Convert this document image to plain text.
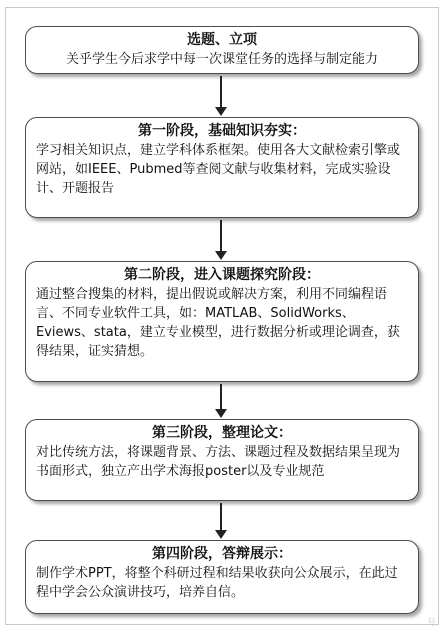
选题、立项
关乎学生今后求学中每一次课堂任务的选择与制定能力
第一阶段，基础知识夯实：
学习相关知识点，建立学科体系框架。使用各大文献检索引擎或网站，如IEEE、Pubmed等查阅文献与收集材料，完成实验设计、开题报告
第二阶段，进入课题探究阶段：
通过整合搜集的材料，提出假说或解决方案，利用不同编程语言、不同专业软件工具，如：MATLAB、SolidWorks、Eviews、stata，建立专业模型，进行数据分析或理论调查，获得结果，证实猜想。
第三阶段，整理论文：
对比传统方法，将课题背景、方法、课题过程及数据结果呈现为书面形式，独立产出学术海报poster以及专业规范
第四阶段，答辩展示：
制作学术PPT，将整个科研过程和结果收获向公众展示，在此过程中学会公众演讲技巧，培养自信。
号
